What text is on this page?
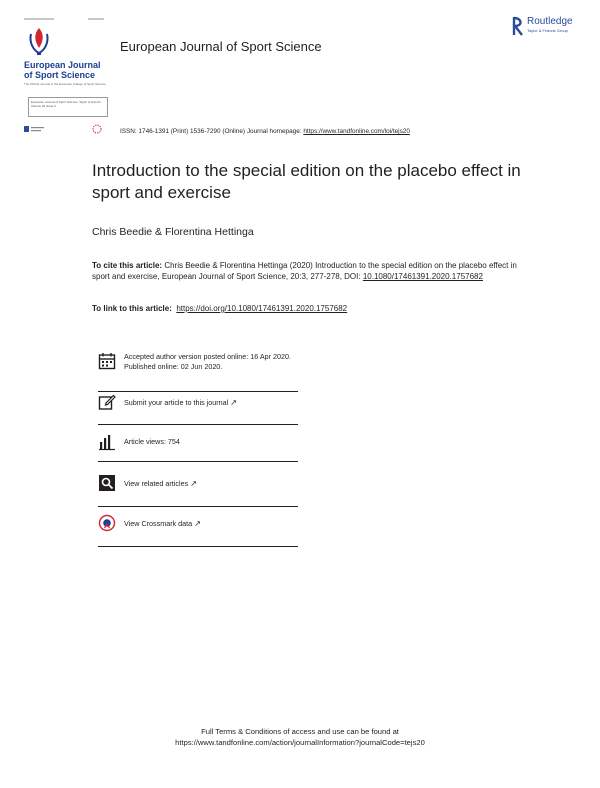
European Journal of Sport Science
The Official Journal of the European College of Sport Science
European Journal of Sport Science. Taylor & Francis. Volume 20 Issue 3
European Journal of Sport Science
Routledge
Taylor & Francis Group
ISSN: 1746-1391 (Print) 1536-7290 (Online) Journal homepage: https://www.tandfonline.com/loi/tejs20
Introduction to the special edition on the placebo effect in sport and exercise
Chris Beedie & Florentina Hettinga
To cite this article: Chris Beedie & Florentina Hettinga (2020) Introduction to the special edition on the placebo effect in sport and exercise, European Journal of Sport Science, 20:3, 277-278, DOI: 10.1080/17461391.2020.1757682
To link to this article: https://doi.org/10.1080/17461391.2020.1757682
Accepted author version posted online: 16 Apr 2020.
Published online: 02 Jun 2020.
Submit your article to this journal ↗
Article views: 754
View related articles ↗
View Crossmark data ↗
Full Terms & Conditions of access and use can be found at
https://www.tandfonline.com/action/journalInformation?journalCode=tejs20
